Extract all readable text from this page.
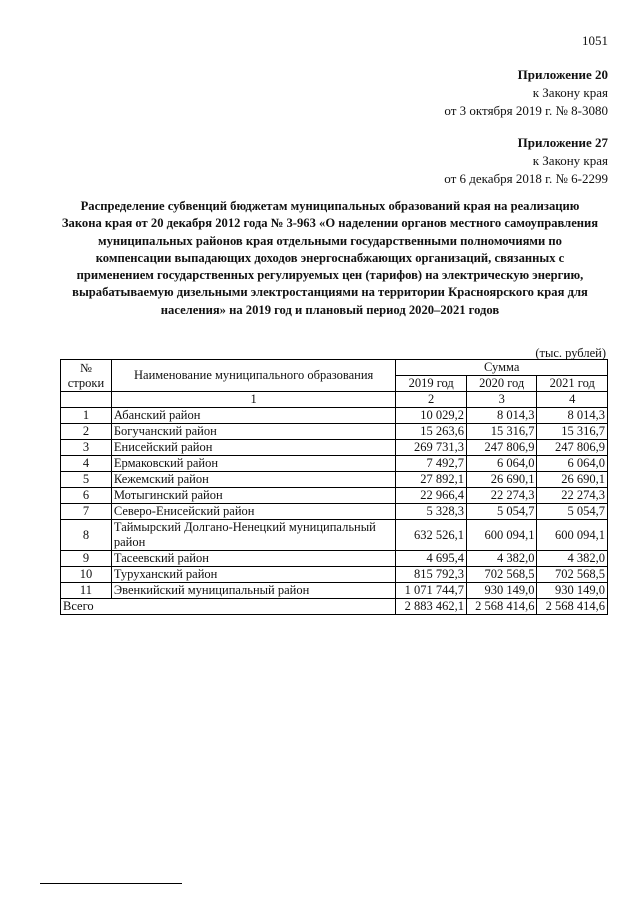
1051
Приложение 20
к Закону края
от 3 октября 2019 г. № 8-3080
Приложение 27
к Закону края
от 6 декабря 2018 г. № 6-2299
Распределение субвенций бюджетам муниципальных образований края на реализацию Закона края от 20 декабря 2012 года № 3-963 «О наделении органов местного самоуправления муниципальных районов края отдельными государственными полномочиями по компенсации выпадающих доходов энергоснабжающих организаций, связанных с применением государственных регулируемых цен (тарифов) на электрическую энергию, вырабатываемую дизельными электростанциями на территории Красноярского края для населения» на 2019 год и плановый период 2020–2021 годов
(тыс. рублей)
№ строки	Наименование муниципального образования	Сумма		
		2019 год	2020 год	2021 год
	1	2	3	4
1	Абанский район	10 029,2	8 014,3	8 014,3
2	Богучанский район	15 263,6	15 316,7	15 316,7
3	Енисейский район	269 731,3	247 806,9	247 806,9
4	Ермаковский район	7 492,7	6 064,0	6 064,0
5	Кежемский район	27 892,1	26 690,1	26 690,1
6	Мотыгинский район	22 966,4	22 274,3	22 274,3
7	Северо-Енисейский район	5 328,3	5 054,7	5 054,7
8	Таймырский Долгано-Ненецкий муниципальный район	632 526,1	600 094,1	600 094,1
9	Тасеевский район	4 695,4	4 382,0	4 382,0
10	Туруханский район	815 792,3	702 568,5	702 568,5
11	Эвенкийский муниципальный район	1 071 744,7	930 149,0	930 149,0
Всего		2 883 462,1	2 568 414,6	2 568 414,6
